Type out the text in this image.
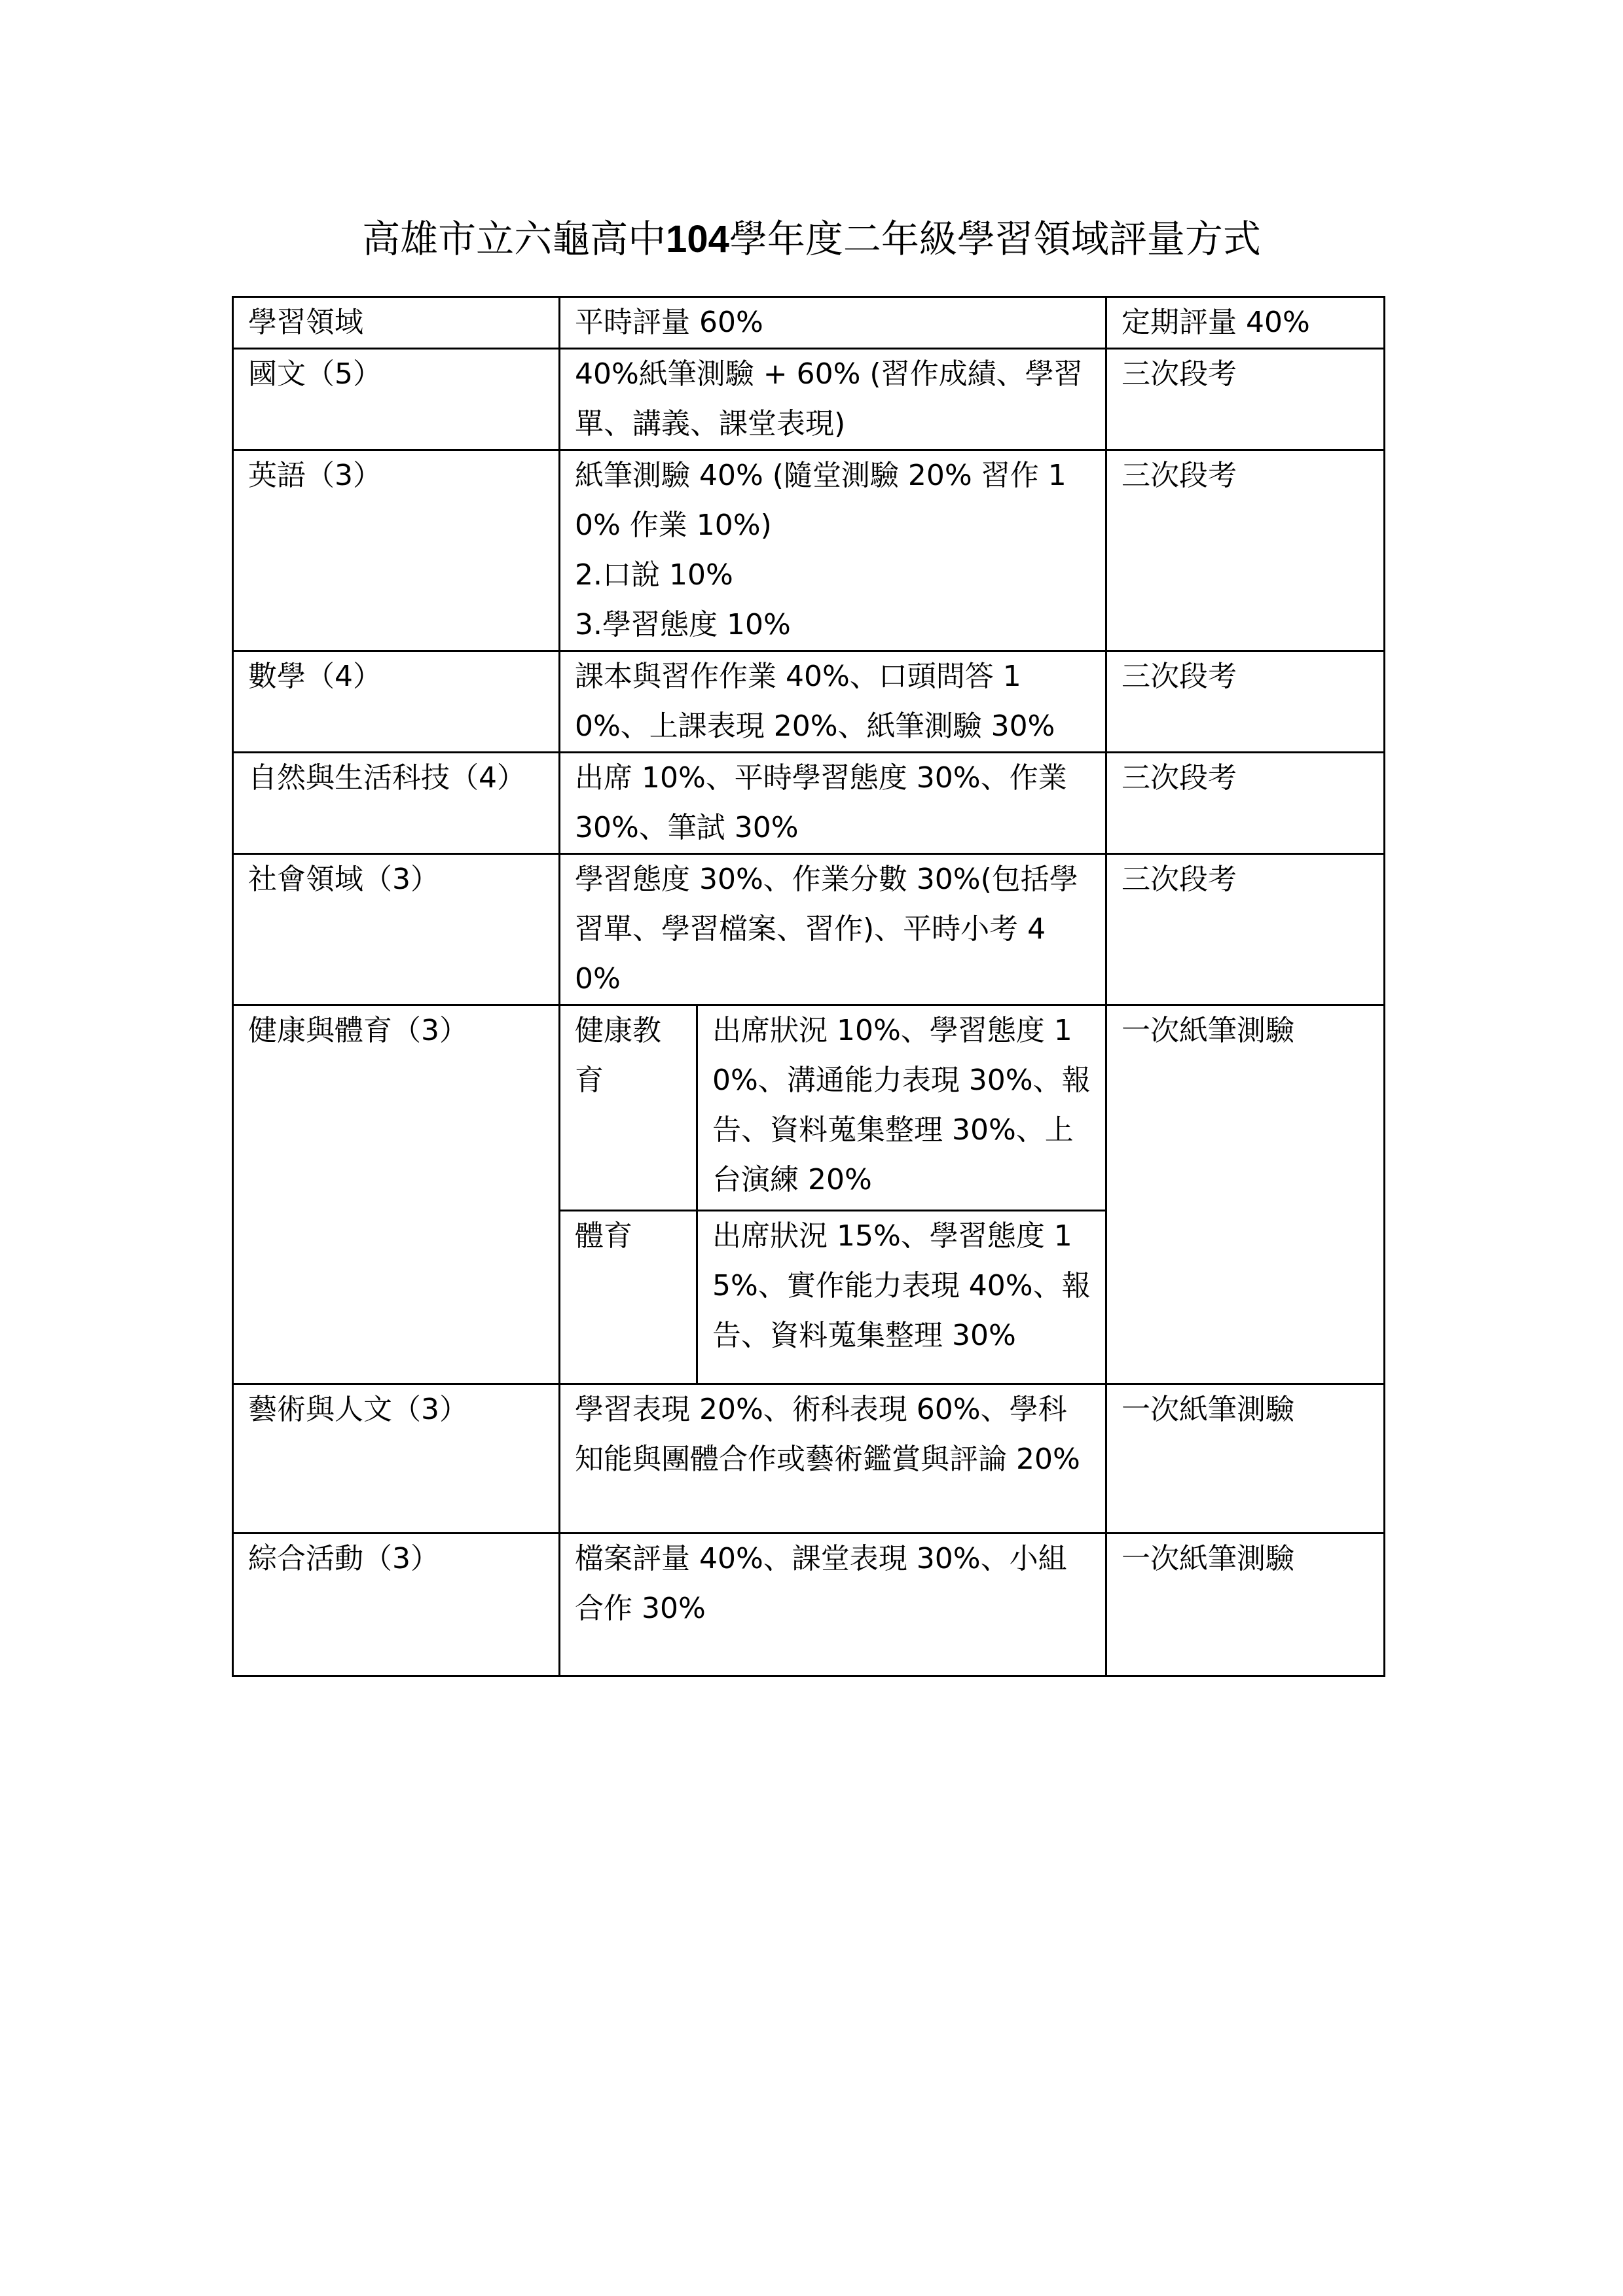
高雄市立六龜高中104學年度二年級學習領域評量方式
學習領域	平時評量 60%		定期評量 40%
國文（5）	40%紙筆測驗 + 60% (習作成績、學習單、講義、課堂表現)		三次段考
英語（3）	紙筆測驗 40% (隨堂測驗 20% 習作 10% 作業 10%)
2.口說 10%
3.學習態度 10%		三次段考
數學（4）	課本與習作作業 40%、口頭問答 10%、上課表現 20%、紙筆測驗 30%		三次段考
自然與生活科技（4）	出席 10%、平時學習態度 30%、作業 30%、筆試 30%		三次段考
社會領域（3）	學習態度 30%、作業分數 30%(包括學習單、學習檔案、習作)、平時小考 40%		三次段考
健康與體育（3）	健康教育	出席狀況 10%、學習態度 10%、溝通能力表現 30%、報告、資料蒐集整理 30%、上台演練 20%	一次紙筆測驗
	體育	出席狀況 15%、學習態度 15%、實作能力表現 40%、報告、資料蒐集整理 30%	
藝術與人文（3）	學習表現 20%、術科表現 60%、學科知能與團體合作或藝術鑑賞與評論 20%		一次紙筆測驗
綜合活動（3）	檔案評量 40%、課堂表現 30%、小組合作 30%		一次紙筆測驗
